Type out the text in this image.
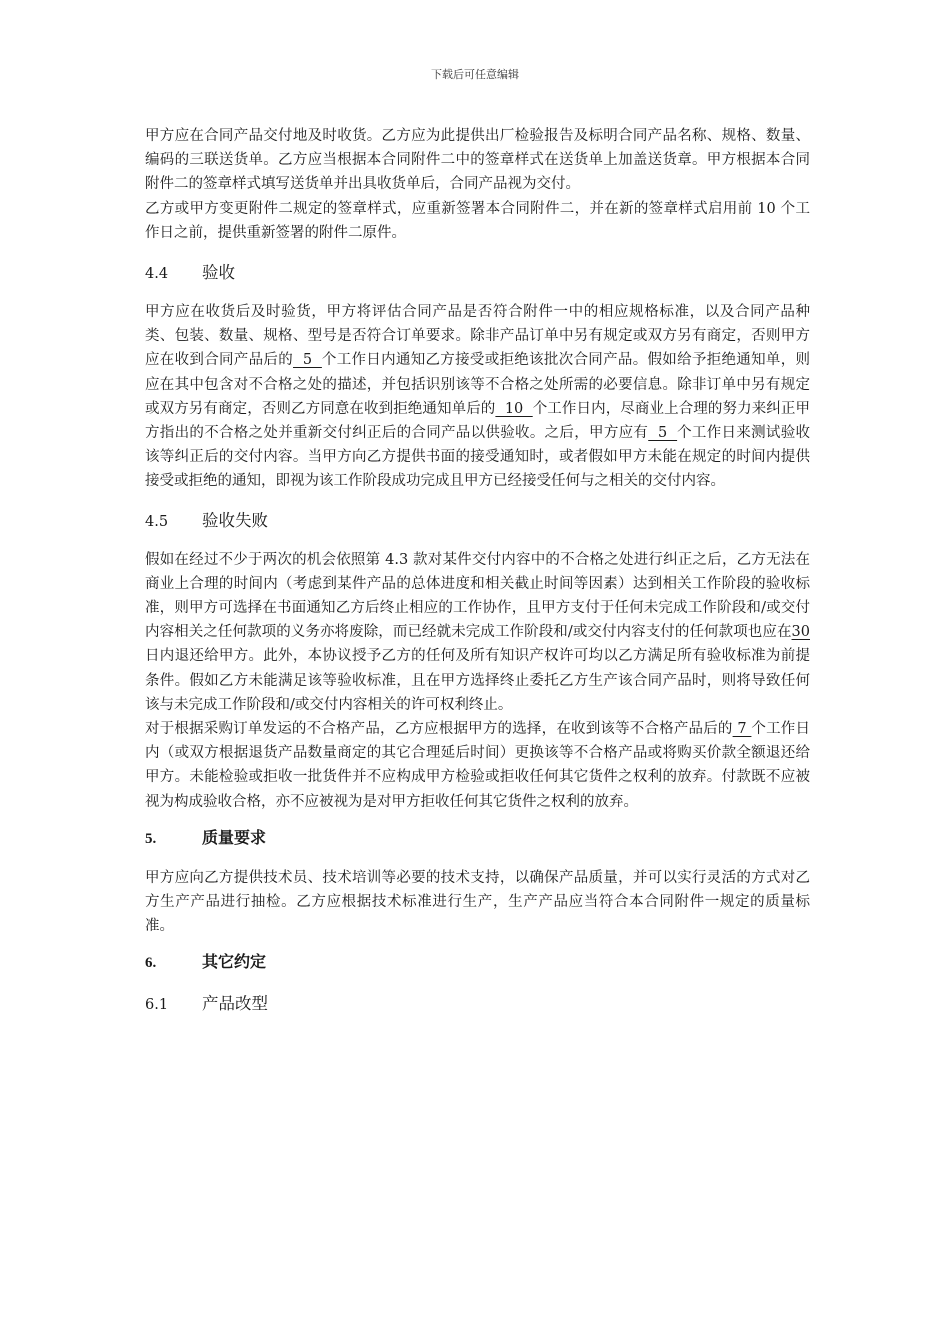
下载后可任意编辑

甲方应在合同产品交付地及时收货。乙方应为此提供出厂检验报告及标明合同产品名称、规格、数量、编码的三联送货单。乙方应当根据本合同附件二中的签章样式在送货单上加盖送货章。甲方根据本合同附件二的签章样式填写送货单并出具收货单后，合同产品视为交付。

乙方或甲方变更附件二规定的签章样式，应重新签署本合同附件二，并在新的签章样式启用前 10 个工作日之前，提供重新签署的附件二原件。

4.4	验收

甲方应在收货后及时验货，甲方将评估合同产品是否符合附件一中的相应规格标准，以及合同产品种类、包装、数量、规格、型号是否符合订单要求。除非产品订单中另有规定或双方另有商定，否则甲方应在收到合同产品后的  5  个工作日内通知乙方接受或拒绝该批次合同产品。假如给予拒绝通知单，则应在其中包含对不合格之处的描述，并包括识别该等不合格之处所需的必要信息。除非订单中另有规定或双方另有商定，否则乙方同意在收到拒绝通知单后的  10  个工作日内，尽商业上合理的努力来纠正甲方指出的不合格之处并重新交付纠正后的合同产品以供验收。之后，甲方应有  5  个工作日来测试验收该等纠正后的交付内容。当甲方向乙方提供书面的接受通知时，或者假如甲方未能在规定的时间内提供接受或拒绝的通知，即视为该工作阶段成功完成且甲方已经接受任何与之相关的交付内容。

4.5	验收失败

假如在经过不少于两次的机会依照第 4.3 款对某件交付内容中的不合格之处进行纠正之后，乙方无法在商业上合理的时间内（考虑到某件产品的总体进度和相关截止时间等因素）达到相关工作阶段的验收标准，则甲方可选择在书面通知乙方后终止相应的工作协作，且甲方支付于任何未完成工作阶段和/或交付内容相关之任何款项的义务亦将废除，而已经就未完成工作阶段和/或交付内容支付的任何款项也应在30日内退还给甲方。此外，本协议授予乙方的任何及所有知识产权许可均以乙方满足所有验收标准为前提条件。假如乙方未能满足该等验收标准，且在甲方选择终止委托乙方生产该合同产品时，则将导致任何该与未完成工作阶段和/或交付内容相关的许可权利终止。

对于根据采购订单发运的不合格产品，乙方应根据甲方的选择，在收到该等不合格产品后的 7 个工作日内（或双方根据退货产品数量商定的其它合理延后时间）更换该等不合格产品或将购买价款全额退还给甲方。未能检验或拒收一批货件并不应构成甲方检验或拒收任何其它货件之权利的放弃。付款既不应被视为构成验收合格，亦不应被视为是对甲方拒收任何其它货件之权利的放弃。

5.	质量要求

甲方应向乙方提供技术员、技术培训等必要的技术支持，以确保产品质量，并可以实行灵活的方式对乙方生产产品进行抽检。乙方应根据技术标准进行生产，生产产品应当符合本合同附件一规定的质量标准。

6.	其它约定
6.1	产品改型
